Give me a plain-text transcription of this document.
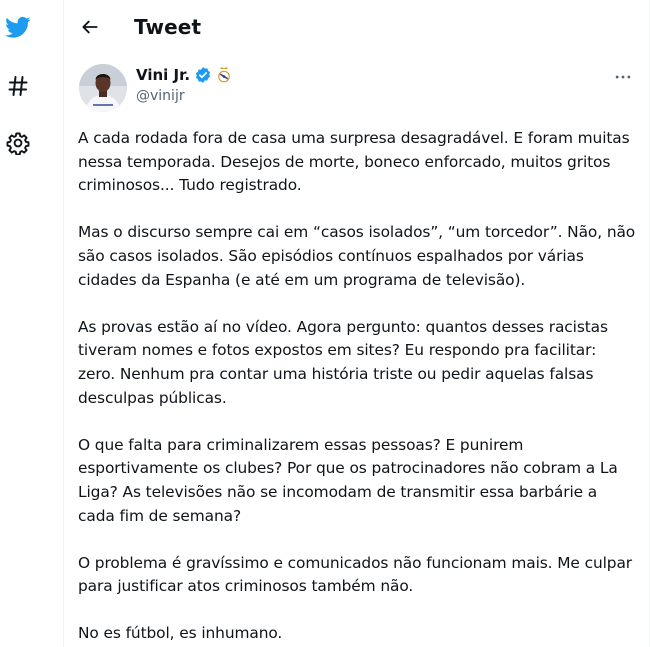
Tweet
Vini Jr.
@vinijr

A cada rodada fora de casa uma surpresa desagradável. E foram muitas nessa temporada. Desejos de morte, boneco enforcado, muitos gritos criminosos... Tudo registrado.

Mas o discurso sempre cai em “casos isolados”, “um torcedor”. Não, não são casos isolados. São episódios contínuos espalhados por várias cidades da Espanha (e até em um programa de televisão).

As provas estão aí no vídeo. Agora pergunto: quantos desses racistas tiveram nomes e fotos expostos em sites? Eu respondo pra facilitar: zero. Nenhum pra contar uma história triste ou pedir aquelas falsas desculpas públicas.

O que falta para criminalizarem essas pessoas? E punirem esportivamente os clubes? Por que os patrocinadores não cobram a La Liga? As televisões não se incomodam de transmitir essa barbárie a cada fim de semana?

O problema é gravíssimo e comunicados não funcionam mais. Me culpar para justificar atos criminosos também não.

No es fútbol, es inhumano.
